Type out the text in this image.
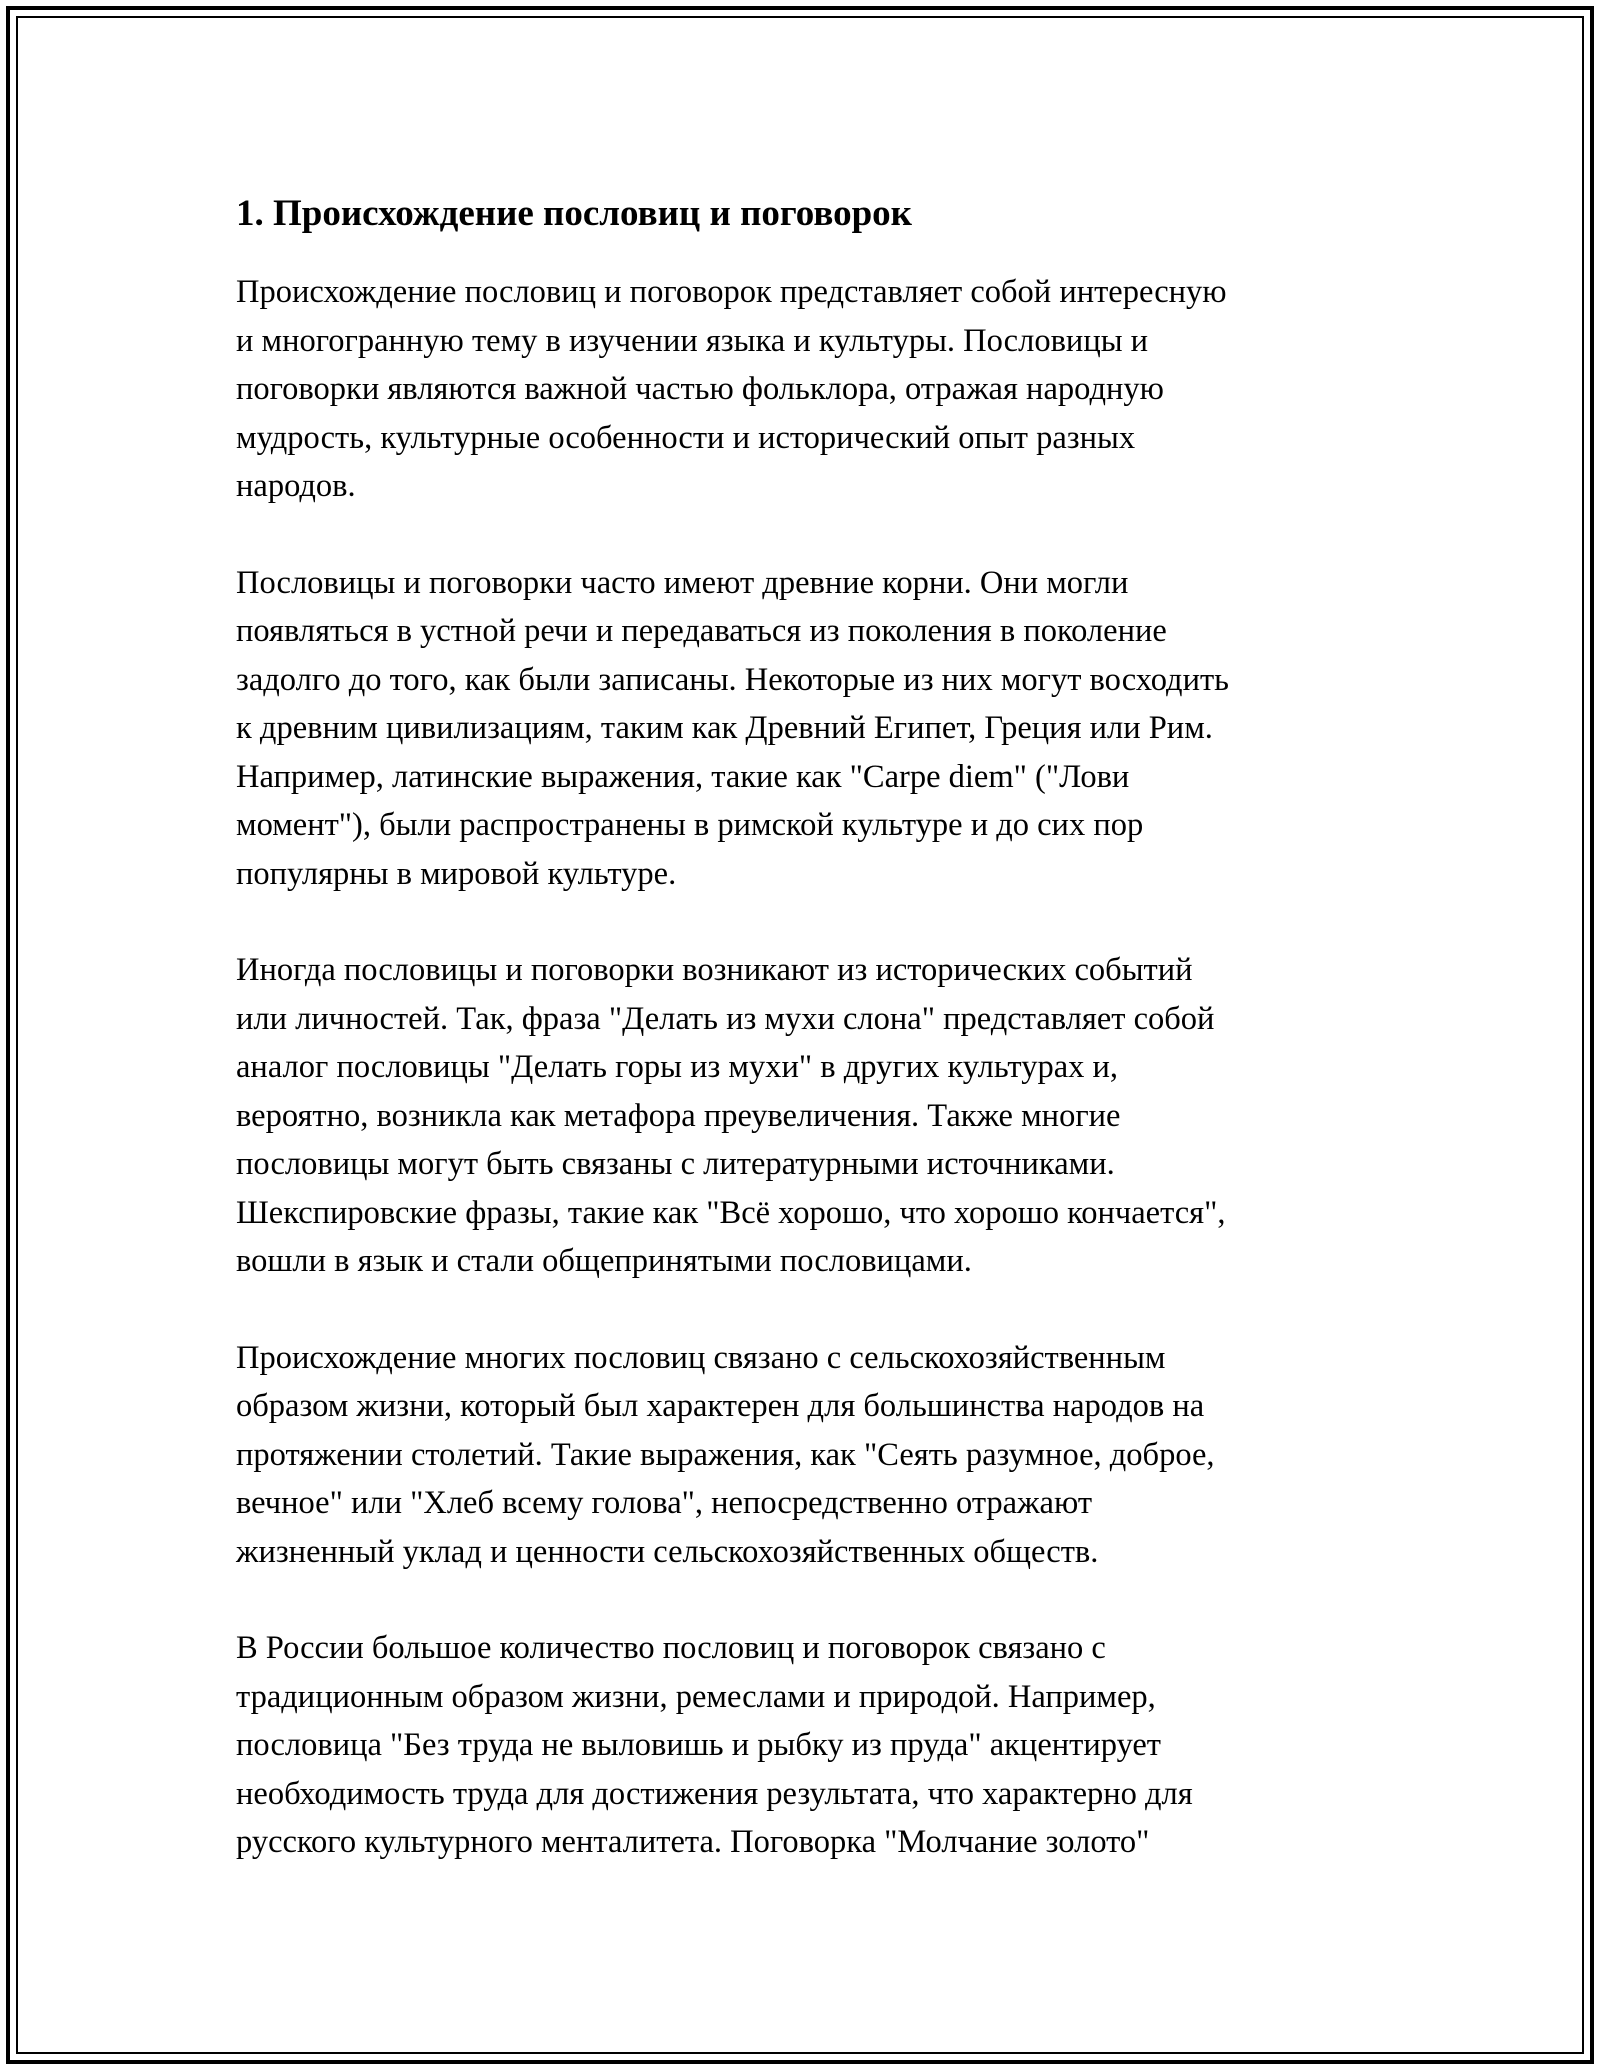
1. Происхождение пословиц и поговорок

Происхождение пословиц и поговорок представляет собой интересную
и многогранную тему в изучении языка и культуры. Пословицы и
поговорки являются важной частью фольклора, отражая народную
мудрость, культурные особенности и исторический опыт разных
народов.

Пословицы и поговорки часто имеют древние корни. Они могли
появляться в устной речи и передаваться из поколения в поколение
задолго до того, как были записаны. Некоторые из них могут восходить
к древним цивилизациям, таким как Древний Египет, Греция или Рим.
Например, латинские выражения, такие как "Carpe diem" ("Лови
момент"), были распространены в римской культуре и до сих пор
популярны в мировой культуре.

Иногда пословицы и поговорки возникают из исторических событий
или личностей. Так, фраза "Делать из мухи слона" представляет собой
аналог пословицы "Делать горы из мухи" в других культурах и,
вероятно, возникла как метафора преувеличения. Также многие
пословицы могут быть связаны с литературными источниками.
Шекспировские фразы, такие как "Всё хорошо, что хорошо кончается",
вошли в язык и стали общепринятыми пословицами.

Происхождение многих пословиц связано с сельскохозяйственным
образом жизни, который был характерен для большинства народов на
протяжении столетий. Такие выражения, как "Сеять разумное, доброе,
вечное" или "Хлеб всему голова", непосредственно отражают
жизненный уклад и ценности сельскохозяйственных обществ.

В России большое количество пословиц и поговорок связано с
традиционным образом жизни, ремеслами и природой. Например,
пословица "Без труда не выловишь и рыбку из пруда" акцентирует
необходимость труда для достижения результата, что характерно для
русского культурного менталитета. Поговорка "Молчание золото"
